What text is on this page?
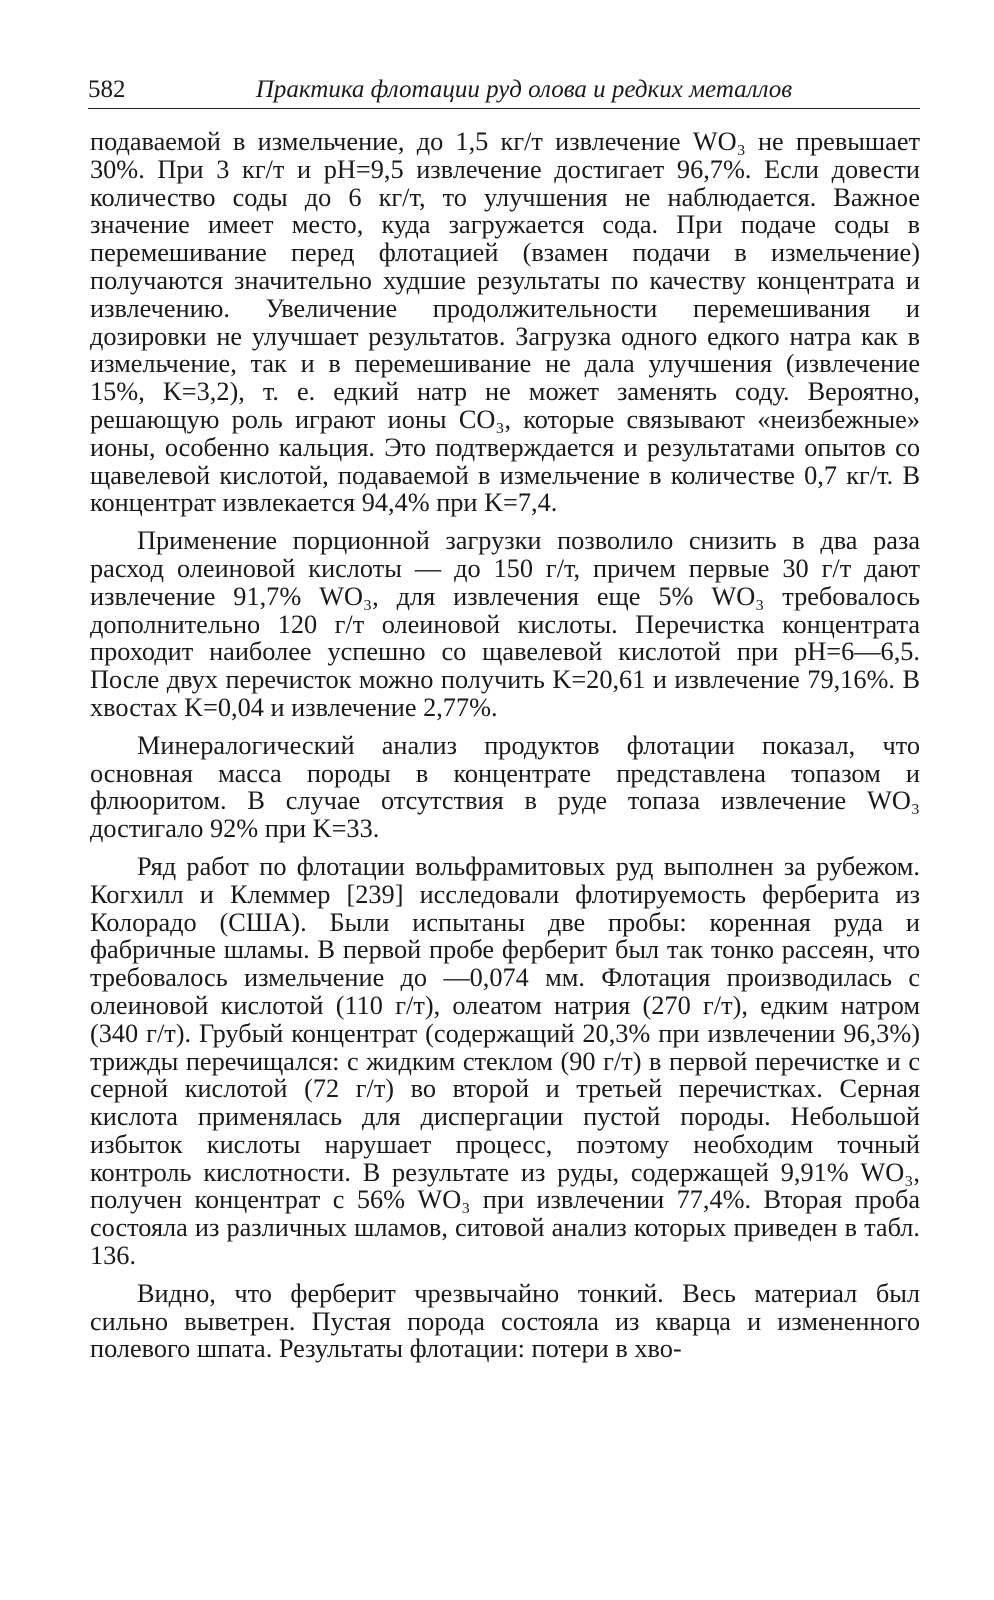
582	Практика флотации руд олова и редких металлов

подаваемой в измельчение, до 1,5 кг/т извлечение WO₃ не превышает 30%. При 3 кг/т и pH=9,5 извлечение достигает 96,7%. Если довести количество соды до 6 кг/т, то улучшения не наблюдается. Важное значение имеет место, куда загружается сода. При подаче соды в перемешивание перед флотацией (взамен подачи в измельчение) получаются значительно худшие результаты по качеству концентрата и извлечению. Увеличение продолжительности перемешивания и дозировки не улучшает результатов. Загрузка одного едкого натра как в измельчение, так и в перемешивание не дала улучшения (извлечение 15%, K=3,2), т. е. едкий натр не может заменять соду. Вероятно, решающую роль играют ионы CO₃, которые связывают «неизбежные» ионы, особенно кальция. Это подтверждается и результатами опытов со щавелевой кислотой, подаваемой в измельчение в количестве 0,7 кг/т. В концентрат извлекается 94,4% при K=7,4.

Применение порционной загрузки позволило снизить в два раза расход олеиновой кислоты — до 150 г/т, причем первые 30 г/т дают извлечение 91,7% WO₃, для извлечения еще 5% WO₃ требовалось дополнительно 120 г/т олеиновой кислоты. Перечистка концентрата проходит наиболее успешно со щавелевой кислотой при pH=6—6,5. После двух перечисток можно получить K=20,61 и извлечение 79,16%. В хвостах K=0,04 и извлечение 2,77%.

Минералогический анализ продуктов флотации показал, что основная масса породы в концентрате представлена топазом и флюоритом. В случае отсутствия в руде топаза извлечение WO₃ достигало 92% при K=33.

Ряд работ по флотации вольфрамитовых руд выполнен за рубежом. Когхилл и Клеммер [239] исследовали флотируемость ферберита из Колорадо (США). Были испытаны две пробы: коренная руда и фабричные шламы. В первой пробе ферберит был так тонко рассеян, что требовалось измельчение до —0,074 мм. Флотация производилась с олеиновой кислотой (110 г/т), олеатом натрия (270 г/т), едким натром (340 г/т). Грубый концентрат (содержащий 20,3% при извлечении 96,3%) трижды перечищался: с жидким стеклом (90 г/т) в первой перечистке и с серной кислотой (72 г/т) во второй и третьей перечистках. Серная кислота применялась для диспергации пустой породы. Небольшой избыток кислоты нарушает процесс, поэтому необходим точный контроль кислотности. В результате из руды, содержащей 9,91% WO₃, получен концентрат с 56% WO₃ при извлечении 77,4%. Вторая проба состояла из различных шламов, ситовой анализ которых приведен в табл. 136.

Видно, что ферберит чрезвычайно тонкий. Весь материал был сильно выветрен. Пустая порода состояла из кварца и измененного полевого шпата. Результаты флотации: потери в хво-
